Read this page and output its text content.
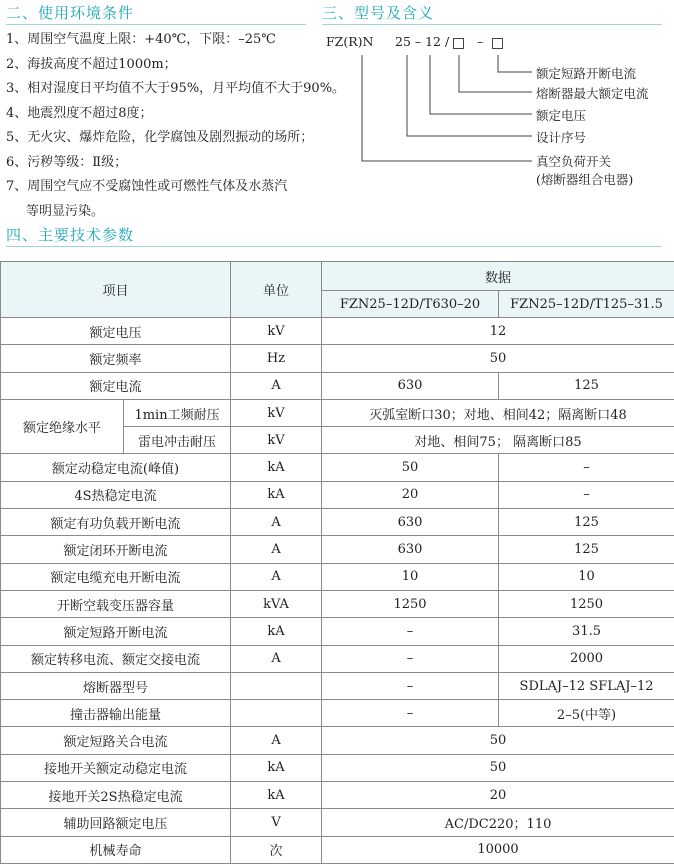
二、使用环境条件	三、型号及含义
1、周围空气温度上限：+40℃，下限：–25℃
2、海拔高度不超过1000m；
3、相对湿度日平均值不大于95%，月平均值不大于90%。
4、地震烈度不超过8度；
5、无火灾、爆炸危险，化学腐蚀及剧烈振动的场所；
6、污秽等级：Ⅱ级；
7、周围空气应不受腐蚀性或可燃性气体及水蒸汽
等明显污染。
FZ(R)N 25 – 12 / –
额定短路开断电流
熔断器最大额定电流
额定电压
设计序号
真空负荷开关
(熔断器组合电器)
四、主要技术参数
项目		单位	数据	
			FZN25–12D/T630–20	FZN25–12D/T125–31.5
额定电压		kV	12	
额定频率		Hz	50	
额定电流		A	630	125
额定绝缘水平	1min工频耐压	kV	灭弧室断口30；对地、相间42；隔离断口48	
	雷电冲击耐压	kV	对地、相间75； 隔离断口85	
额定动稳定电流(峰值)		kA	50	–
4S热稳定电流		kA	20	–
额定有功负载开断电流		A	630	125
额定闭环开断电流		A	630	125
额定电缆充电开断电流		A	10	10
开断空载变压器容量		kVA	1250	1250
额定短路开断电流		kA	–	31.5
额定转移电流、额定交接电流		A	–	2000
熔断器型号			–	SDLAJ–12 SFLAJ–12
撞击器输出能量			–	2–5(中等)
额定短路关合电流		A	50	
接地开关额定动稳定电流		kA	50	
接地开关2S热稳定电流		kA	20	
辅助回路额定电压		V	AC/DC220；110	
机械寿命		次	10000	
